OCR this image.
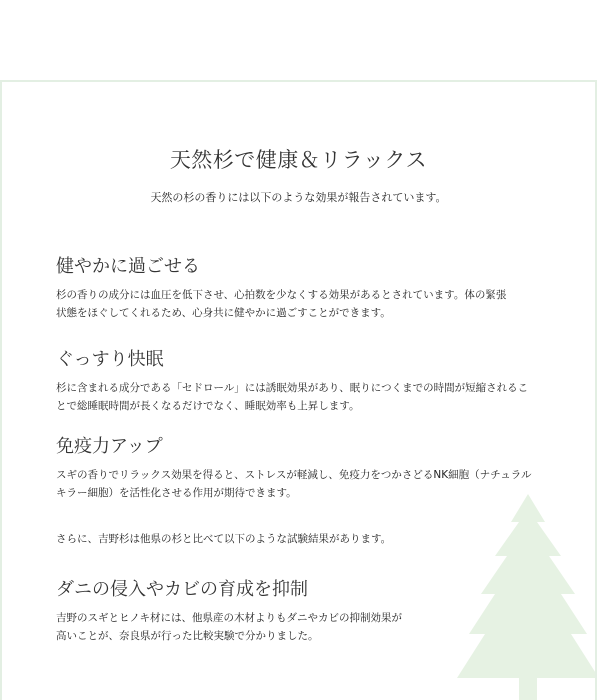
天然杉で健康＆リラックス
天然の杉の香りには以下のような効果が報告されています。
健やかに過ごせる

杉の香りの成分には血圧を低下させ、心拍数を少なくする効果があるとされています。体の緊張
状態をほぐしてくれるため、心身共に健やかに過ごすことができます。

ぐっすり快眠

杉に含まれる成分である「セドロール」には誘眠効果があり、眠りにつくまでの時間が短縮されるこ
とで総睡眠時間が長くなるだけでなく、睡眠効率も上昇します。

免疫力アップ

スギの香りでリラックス効果を得ると、ストレスが軽減し、免疫力をつかさどるNK細胞（ナチュラル
キラー細胞）を活性化させる作用が期待できます。

さらに、吉野杉は他県の杉と比べて以下のような試験結果があります。
ダニの侵入やカビの育成を抑制

吉野のスギとヒノキ材には、他県産の木材よりもダニやカビの抑制効果が
高いことが、奈良県が行った比較実験で分かりました。
